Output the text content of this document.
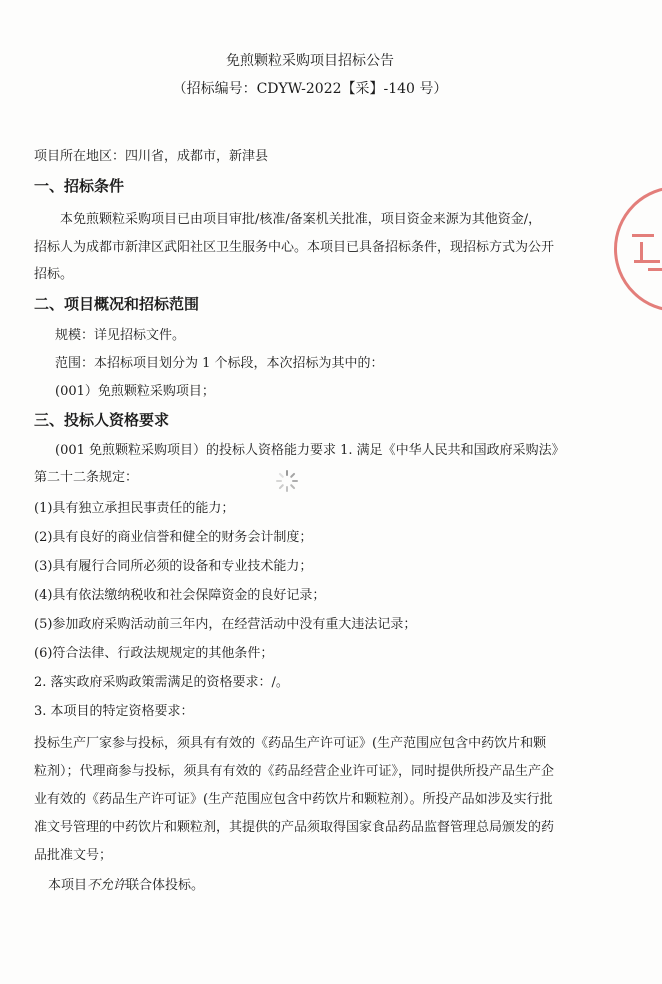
免煎颗粒采购项目招标公告
（招标编号：CDYW-2022【采】-140 号）
项目所在地区：四川省，成都市，新津县
一、招标条件
本免煎颗粒采购项目已由项目审批/核准/备案机关批准，项目资金来源为其他资金/，
招标人为成都市新津区武阳社区卫生服务中心。本项目已具备招标条件，现招标方式为公开
招标。
二、项目概况和招标范围
规模：详见招标文件。
范围：本招标项目划分为 1 个标段，本次招标为其中的：
(001）免煎颗粒采购项目；
三、投标人资格要求
(001 免煎颗粒采购项目）的投标人资格能力要求 1. 满足《中华人民共和国政府采购法》
第二十二条规定：
(1)具有独立承担民事责任的能力；
(2)具有良好的商业信誉和健全的财务会计制度；
(3)具有履行合同所必须的设备和专业技术能力；
(4)具有依法缴纳税收和社会保障资金的良好记录；
(5)参加政府采购活动前三年内，在经营活动中没有重大违法记录；
(6)符合法律、行政法规规定的其他条件；
2. 落实政府采购政策需满足的资格要求：/。
3. 本项目的特定资格要求：
投标生产厂家参与投标，须具有有效的《药品生产许可证》(生产范围应包含中药饮片和颗
粒剂）；代理商参与投标，须具有有效的《药品经营企业许可证》，同时提供所投产品生产企
业有效的《药品生产许可证》(生产范围应包含中药饮片和颗粒剂）。所投产品如涉及实行批
准文号管理的中药饮片和颗粒剂，其提供的产品须取得国家食品药品监督管理总局颁发的药
品批准文号；
本项目不允许联合体投标。
